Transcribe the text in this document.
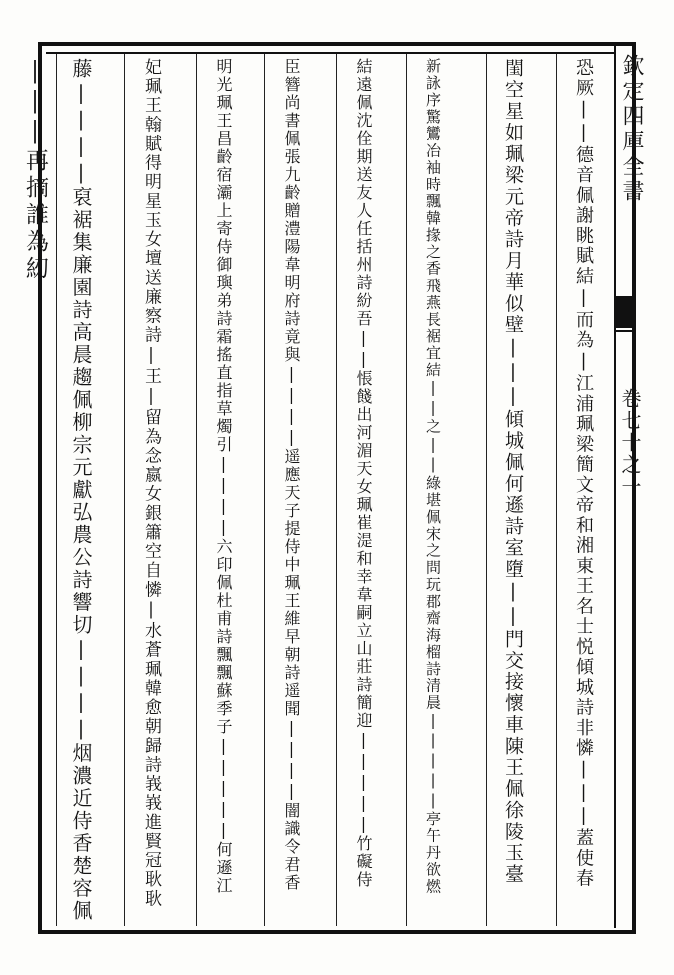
欽定四庫全書
卷七十之一
恐厥||德音佩謝眺賦結|而為|江浦珮梁簡文帝和湘東王名士悦傾城詩非憐|||蓋使春
閨空星如珮梁元帝詩月華似壁|||傾城佩何遜詩室墮||門交接懷車陳王佩徐陵玉臺
新詠序驚鸞冶袖時飄韓掾之香飛燕長裾宜結||之||綠堪佩宋之問玩郡齋海榴詩清晨|||||亭午丹欲燃
結遠佩沈佺期送友人任括州詩紛吾||悵餞出河湄天女珮崔湜和幸韋嗣立山莊詩簡迎|||||竹礙侍
臣簪尚書佩張九齡贈澧陽韋明府詩竟與||||遥應天子提侍中珮王維早朝詩遥聞||||闇識令君香
明光珮王昌齡宿灞上寄侍御璵弟詩霜搖直指草燭引||||六印佩杜甫詩飄飄蘇季子|||||何遜江
妃珮王翰賦得明星玉女壇送廉察詩|王|留為念嬴女銀簫空自憐|水蒼珮韓愈朝歸詩峩峩進賢冠耿耿
藤||||裒裾集廉園詩高晨趨佩柳宗元獻弘農公詩響切||||烟濃近侍香楚容佩
|||再摘誰為紉
